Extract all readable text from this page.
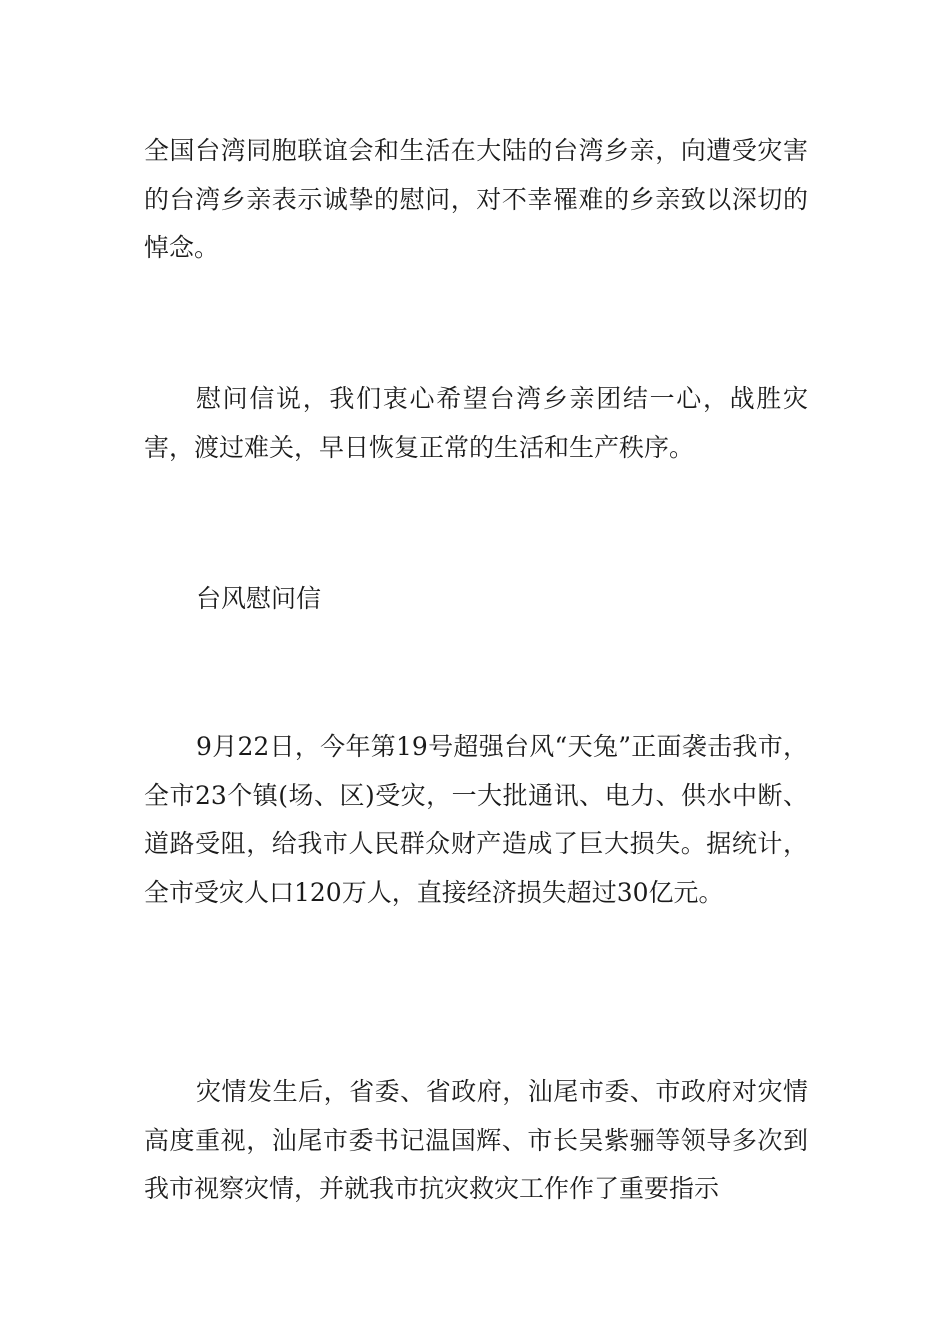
全国台湾同胞联谊会和生活在大陆的台湾乡亲，向遭受灾害的台湾乡亲表示诚挚的慰问，对不幸罹难的乡亲致以深切的悼念。

慰问信说，我们衷心希望台湾乡亲团结一心，战胜灾害，渡过难关，早日恢复正常的生活和生产秩序。

台风慰问信

9月22日，今年第19号超强台风“天兔”正面袭击我市，全市23个镇(场、区)受灾，一大批通讯、电力、供水中断、道路受阻，给我市人民群众财产造成了巨大损失。据统计，全市受灾人口120万人，直接经济损失超过30亿元。

灾情发生后，省委、省政府，汕尾市委、市政府对灾情高度重视，汕尾市委书记温国辉、市长吴紫骊等领导多次到我市视察灾情，并就我市抗灾救灾工作作了重要指示
